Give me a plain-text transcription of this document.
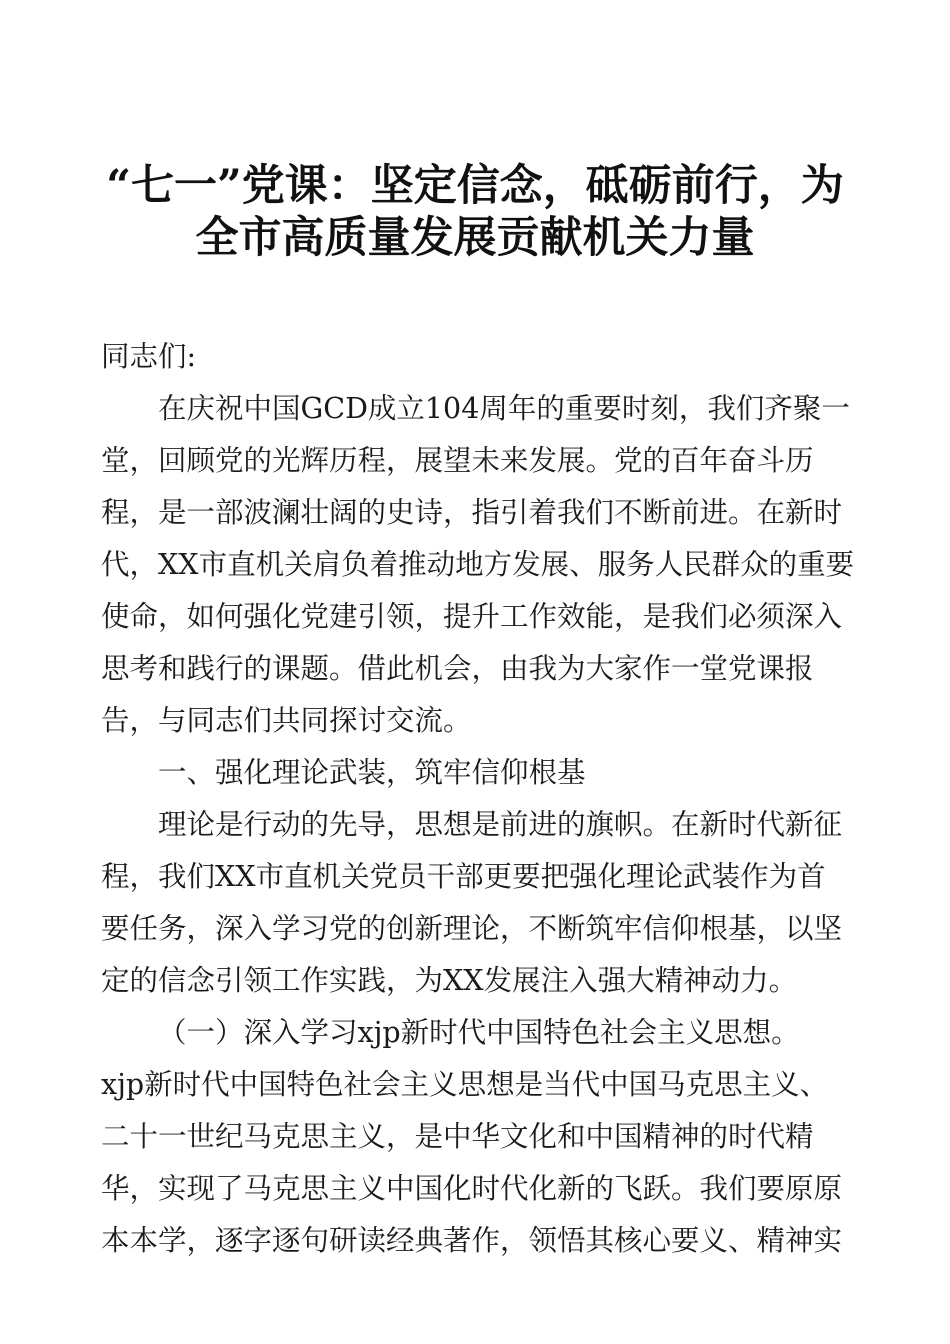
“七一”党课：坚定信念，砥砺前行，为
全市高质量发展贡献机关力量

同志们:

在庆祝中国GCD成立104周年的重要时刻，我们齐聚一
堂，回顾党的光辉历程，展望未来发展。党的百年奋斗历
程，是一部波澜壮阔的史诗，指引着我们不断前进。在新时
代，XX市直机关肩负着推动地方发展、服务人民群众的重要
使命，如何强化党建引领，提升工作效能，是我们必须深入
思考和践行的课题。借此机会，由我为大家作一堂党课报
告，与同志们共同探讨交流。

一、强化理论武装，筑牢信仰根基

理论是行动的先导，思想是前进的旗帜。在新时代新征
程，我们XX市直机关党员干部更要把强化理论武装作为首
要任务，深入学习党的创新理论，不断筑牢信仰根基，以坚
定的信念引领工作实践，为XX发展注入强大精神动力。

（一）深入学习xjp新时代中国特色社会主义思想。
xjp新时代中国特色社会主义思想是当代中国马克思主义、
二十一世纪马克思主义，是中华文化和中国精神的时代精
华，实现了马克思主义中国化时代化新的飞跃。我们要原原
本本学，逐字逐句研读经典著作，领悟其核心要义、精神实
